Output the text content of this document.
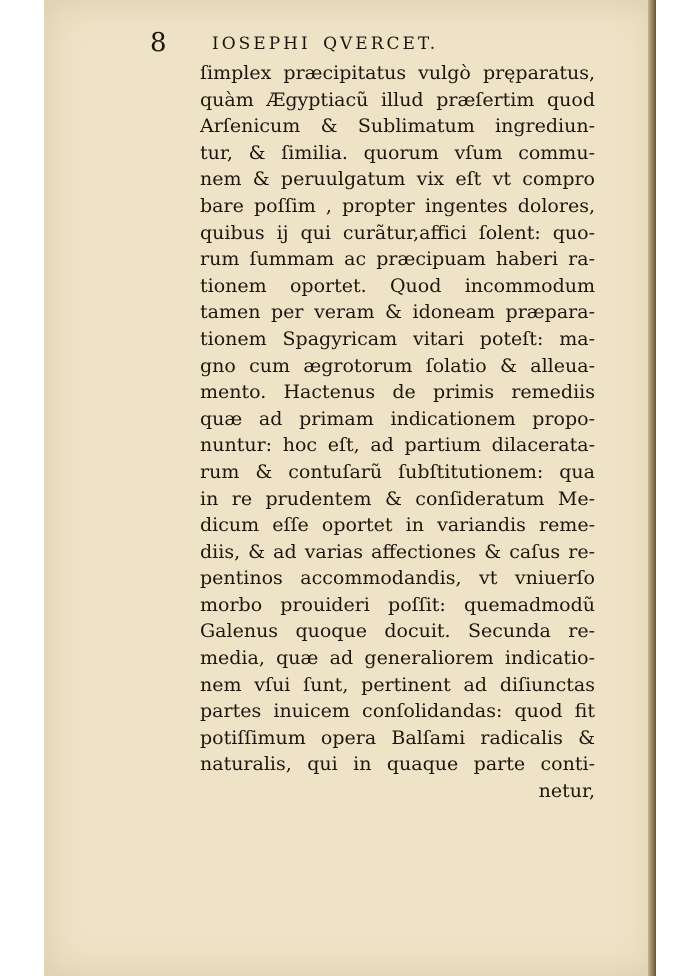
8	IOSEPHI QVERCET.
ſimplex præcipitatus vulgò pręparatus,
quàm Ægyptiacũ illud præſertim quod
Arſenicum & Sublimatum ingrediun-
tur, & ſimilia. quorum vſum commu-
nem & peruulgatum vix eſt vt compro
bare poſſim , propter ingentes dolores,
quibus ij qui curãtur,affici ſolent: quo-
rum ſummam ac præcipuam haberi ra-
tionem oportet. Quod incommodum
tamen per veram & idoneam præpara-
tionem Spagyricam vitari poteſt: ma-
gno cum ægrotorum ſolatio & alleua-
mento. Hactenus de primis remediis
quæ ad primam indicationem propo-
nuntur: hoc eſt, ad partium dilacerata-
rum & contuſarũ ſubſtitutionem: qua
in re prudentem & conſideratum Me-
dicum eſſe oportet in variandis reme-
diis, & ad varias affectiones & caſus re-
pentinos accommodandis, vt vniuerſo
morbo prouideri poſſit: quemadmodũ
Galenus quoque docuit. Secunda re-
media, quæ ad generaliorem indicatio-
nem vſui ſunt, pertinent ad diſiunctas
partes inuicem conſolidandas: quod fit
potiſſimum opera Balſami radicalis &
naturalis, qui in quaque parte conti-
netur,
